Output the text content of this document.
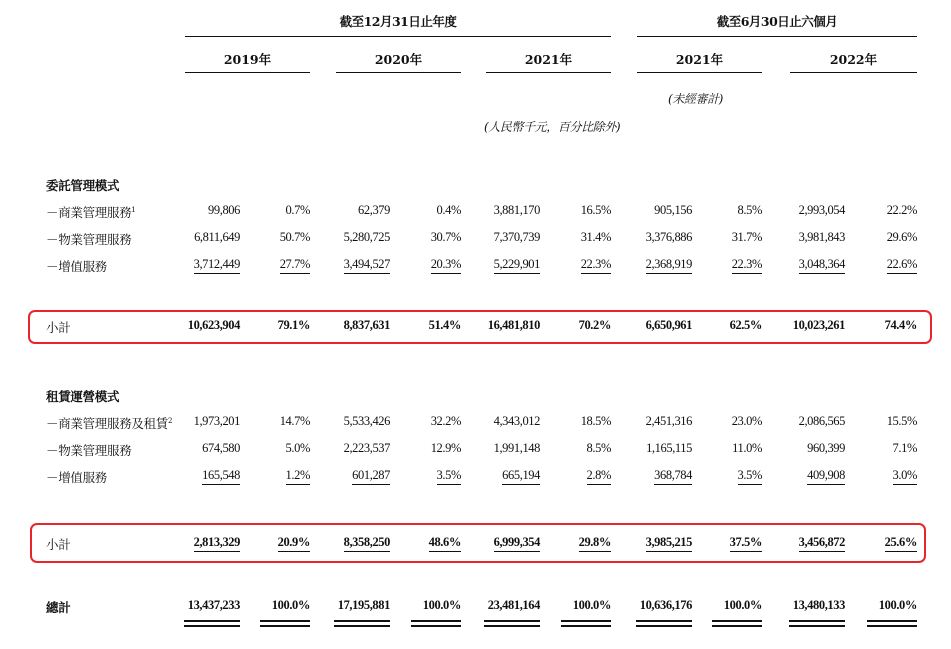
截至12月31日止年度	截至6月30日止六個月
2019年	2020年	2021年	2021年	2022年
(未經審計)
(人民幣千元，百分比除外)
委託管理模式
－商業管理服務$^1$	99,806	0.7%	62,379	0.4%	3,881,170	16.5%	905,156	8.5%	2,993,054	22.2%
－物業管理服務	6,811,649	50.7%	5,280,725	30.7%	7,370,739	31.4%	3,376,886	31.7%	3,981,843	29.6%
－增值服務	3,712,449	27.7%	3,494,527	20.3%	5,229,901	22.3%	2,368,919	22.3%	3,048,364	22.6%
小計	10,623,904	79.1%	8,837,631	51.4%	16,481,810	70.2%	6,650,961	62.5%	10,023,261	74.4%
租賃運營模式
－商業管理服務及租賃$^2$	1,973,201	14.7%	5,533,426	32.2%	4,343,012	18.5%	2,451,316	23.0%	2,086,565	15.5%
－物業管理服務	674,580	5.0%	2,223,537	12.9%	1,991,148	8.5%	1,165,115	11.0%	960,399	7.1%
－增值服務	165,548	1.2%	601,287	3.5%	665,194	2.8%	368,784	3.5%	409,908	3.0%
小計	2,813,329	20.9%	8,358,250	48.6%	6,999,354	29.8%	3,985,215	37.5%	3,456,872	25.6%
總計	13,437,233	100.0%	17,195,881	100.0%	23,481,164	100.0%	10,636,176	100.0%	13,480,133	100.0%
